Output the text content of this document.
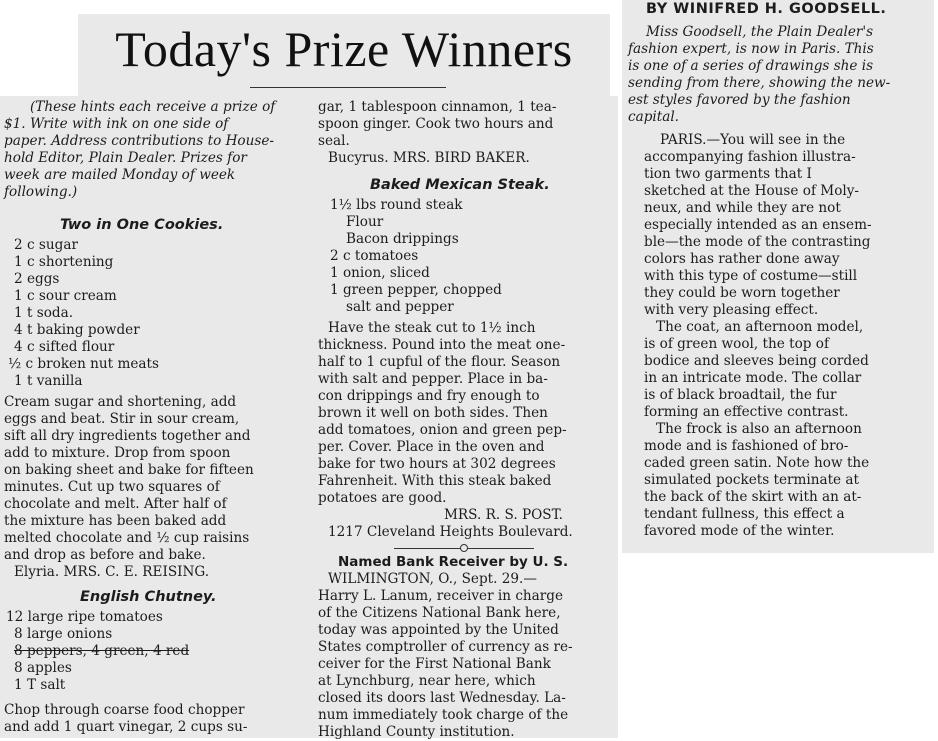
Today's Prize Winners

(These hints each receive a prize of

$1. Write with ink on one side of

paper. Address contributions to House-

hold Editor, Plain Dealer. Prizes for

week are mailed Monday of week

following.)

Two in One Cookies.

2 c sugar

1 c shortening

2 eggs

1 c sour cream

1 t soda.

4 t baking powder

4 c sifted flour

½ c broken nut meats

1 t vanilla

Cream sugar and shortening, add

eggs and beat. Stir in sour cream,

sift all dry ingredients together and

add to mixture. Drop from spoon

on baking sheet and bake for fifteen

minutes. Cut up two squares of

chocolate and melt. After half of

the mixture has been baked add

melted chocolate and ½ cup raisins

and drop as before and bake.

Elyria. MRS. C. E. REISING.

English Chutney.

12 large ripe tomatoes

8 large onions

8 peppers, 4 green, 4 red

8 apples

1 T salt

Chop through coarse food chopper

and add 1 quart vinegar, 2 cups su-

gar, 1 tablespoon cinnamon, 1 tea-

spoon ginger. Cook two hours and

seal.

Bucyrus. MRS. BIRD BAKER.

Baked Mexican Steak.

1½ lbs round steak

Flour

Bacon drippings

2 c tomatoes

1 onion, sliced

1 green pepper, chopped

salt and pepper

Have the steak cut to 1½ inch

thickness. Pound into the meat one-

half to 1 cupful of the flour. Season

with salt and pepper. Place in ba-

con drippings and fry enough to

brown it well on both sides. Then

add tomatoes, onion and green pep-

per. Cover. Place in the oven and

bake for two hours at 302 degrees

Fahrenheit. With this steak baked

potatoes are good.

MRS. R. S. POST.

1217 Cleveland Heights Boulevard.

Named Bank Receiver by U. S.

WILMINGTON, O., Sept. 29.—

Harry L. Lanum, receiver in charge

of the Citizens National Bank here,

today was appointed by the United

States comptroller of currency as re-

ceiver for the First National Bank

at Lynchburg, near here, which

closed its doors last Wednesday. La-

num immediately took charge of the

Highland County institution.

BY WINIFRED H. GOODSELL.

Miss Goodsell, the Plain Dealer's

fashion expert, is now in Paris. This

is one of a series of drawings she is

sending from there, showing the new-

est styles favored by the fashion

capital.

PARIS.—You will see in the

accompanying fashion illustra-

tion two garments that I

sketched at the House of Moly-

neux, and while they are not

especially intended as an ensem-

ble—the mode of the contrasting

colors has rather done away

with this type of costume—still

they could be worn together

with very pleasing effect.

The coat, an afternoon model,

is of green wool, the top of

bodice and sleeves being corded

in an intricate mode. The collar

is of black broadtail, the fur

forming an effective contrast.

The frock is also an afternoon

mode and is fashioned of bro-

caded green satin. Note how the

simulated pockets terminate at

the back of the skirt with an at-

tendant fullness, this effect a

favored mode of the winter.
